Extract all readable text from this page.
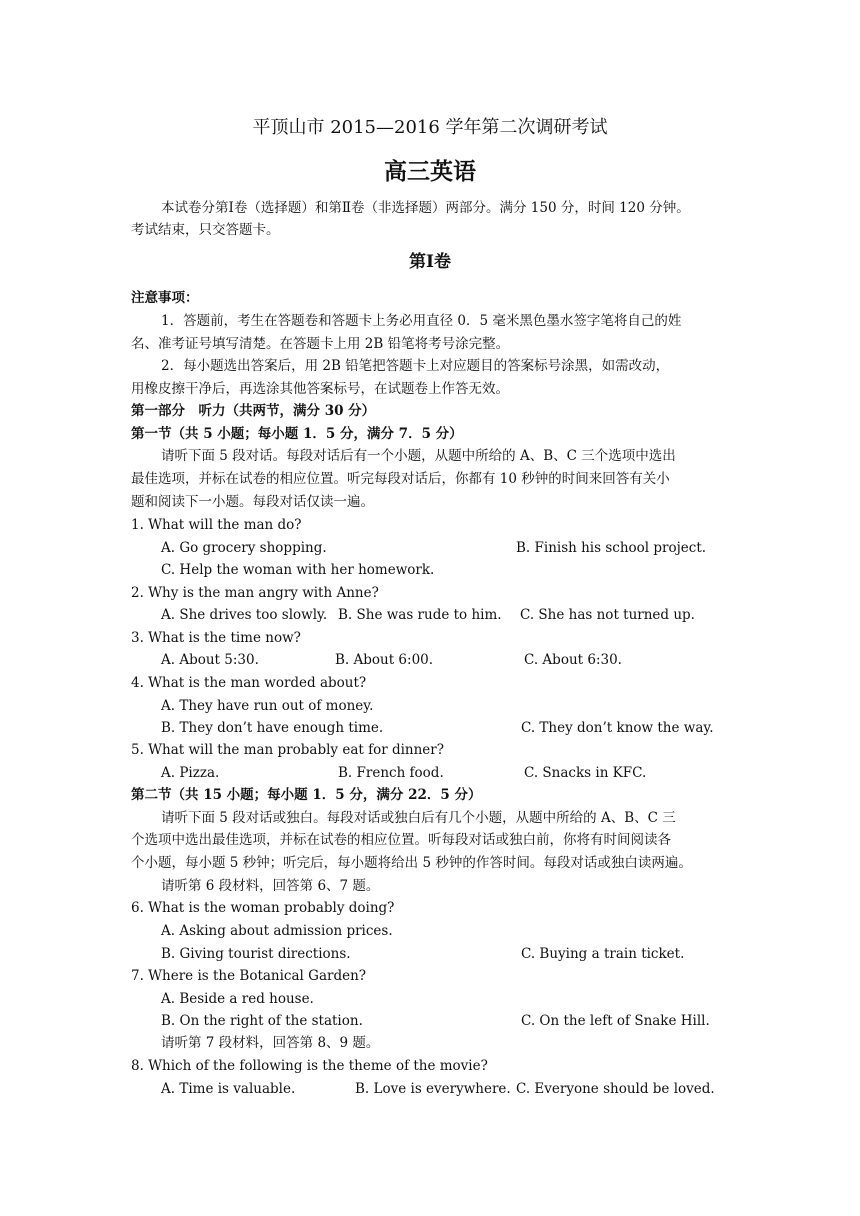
平顶山市 2015—2016 学年第二次调研考试
高三英语
本试卷分第Ⅰ卷（选择题）和第Ⅱ卷（非选择题）两部分。满分 150 分，时间 120 分钟。
考试结束，只交答题卡。
第Ⅰ卷
注意事项：
1．答题前，考生在答题卷和答题卡上务必用直径 0．5 毫米黑色墨水签字笔将自己的姓
名、准考证号填写清楚。在答题卡上用 2B 铅笔将考号涂完整。
2．每小题选出答案后，用 2B 铅笔把答题卡上对应题目的答案标号涂黑，如需改动，
用橡皮擦干净后，再选涂其他答案标号，在试题卷上作答无效。
第一部分　听力（共两节，满分 30 分）
第一节（共 5 小题；每小题 1．5 分，满分 7．5 分）
请听下面 5 段对话。每段对话后有一个小题，从题中所给的 A、B、C 三个选项中选出
最佳选项，并标在试卷的相应位置。听完每段对话后，你都有 10 秒钟的时间来回答有关小
题和阅读下一小题。每段对话仅读一遍。
1. What will the man do?
A. Go grocery shopping.	B. Finish his school project.
C. Help the woman with her homework.
2. Why is the man angry with Anne?
A. She drives too slowly. B. She was rude to him. C. She has not turned up.
3. What is the time now?
A. About 5:30.	B. About 6:00.	C. About 6:30.
4. What is the man worded about?
A. They have run out of money.
B. They don’t have enough time.	C. They don’t know the way.
5. What will the man probably eat for dinner?
A. Pizza.	B. French food.	C. Snacks in KFC.
第二节（共 15 小题；每小题 1．5 分，满分 22．5 分）
请听下面 5 段对话或独白。每段对话或独白后有几个小题，从题中所给的 A、B、C 三
个选项中选出最佳选项，并标在试卷的相应位置。听每段对话或独白前，你将有时间阅读各
个小题，每小题 5 秒钟；听完后，每小题将给出 5 秒钟的作答时间。每段对话或独白读两遍。
请听第 6 段材料，回答第 6、7 题。
6. What is the woman probably doing?
A. Asking about admission prices.
B. Giving tourist directions.	C. Buying a train ticket.
7. Where is the Botanical Garden?
A. Beside a red house.
B. On the right of the station.	C. On the left of Snake Hill.
请听第 7 段材料，回答第 8、9 题。
8. Which of the following is the theme of the movie?
A. Time is valuable.	B. Love is everywhere. C. Everyone should be loved.
